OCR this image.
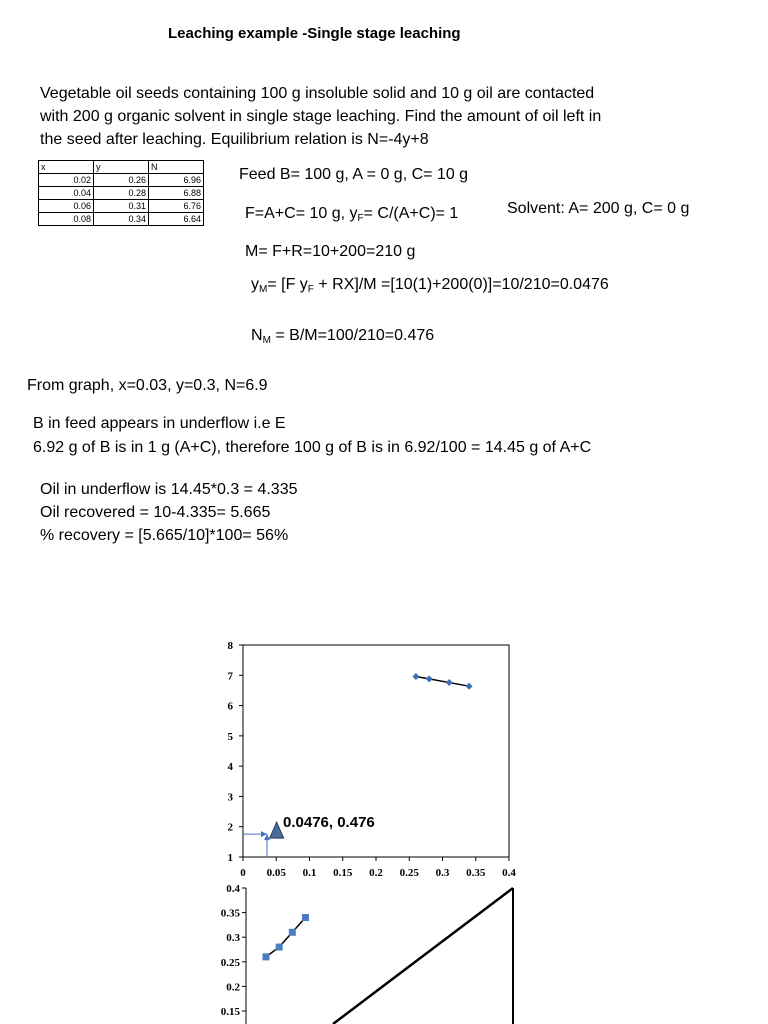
Leaching example -Single stage leaching
Vegetable oil seeds containing 100 g insoluble solid and 10 g oil are contacted
with 200 g organic solvent in single stage leaching. Find the amount of oil left in
the seed after leaching. Equilibrium relation is N=-4y+8
x	y	N
0.02	0.26	6.96
0.04	0.28	6.88
0.06	0.31	6.76
0.08	0.34	6.64
Feed B= 100 g, A = 0 g, C= 10 g
F=A+C= 10 g, $y_F= C/(A+C)= 1$	Solvent: A= 200 g, C= 0 g
M= F+R=10+200=210 g
$y_M= [F$ $y_F + RX]/M =[10(1)+200(0)]=10/210=0.0476$
$N_M = B/M=100/210=0.476$
From graph, x=0.03, y=0.3, N=6.9
B in feed appears in underflow i.e E
6.92 g of B is in 1 g (A+C), therefore 100 g of B is in 6.92/100 = 14.45 g of A+C
Oil in underflow is 14.45*0.3 = 4.335
Oil recovered = 10-4.335= 5.665
% recovery = [5.665/10]*100= 56%
1
2
3
4
5
6
7
8
0 0.05 0.1 0.15 0.2 0.25 0.3 0.35 0.4
0.0476, 0.476
0.4
0.35
0.3
0.25
0.2
0.15
